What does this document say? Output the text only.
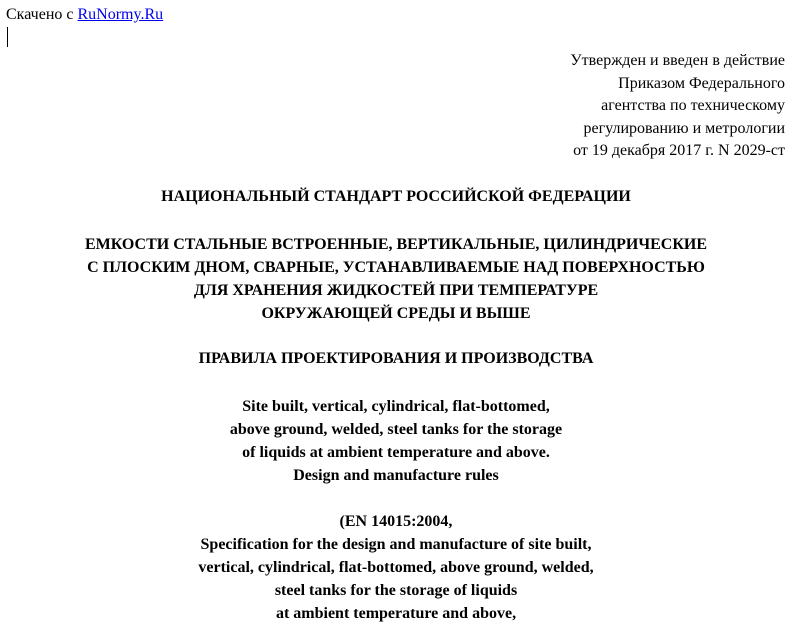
Скачено с RuNormy.Ru
Утвержден и введен в действие
Приказом Федерального
агентства по техническому
регулированию и метрологии
от 19 декабря 2017 г. N 2029-ст
НАЦИОНАЛЬНЫЙ СТАНДАРТ РОССИЙСКОЙ ФЕДЕРАЦИИ
ЕМКОСТИ СТАЛЬНЫЕ ВСТРОЕННЫЕ, ВЕРТИКАЛЬНЫЕ, ЦИЛИНДРИЧЕСКИЕ
С ПЛОСКИМ ДНОМ, СВАРНЫЕ, УСТАНАВЛИВАЕМЫЕ НАД ПОВЕРХНОСТЬЮ
ДЛЯ ХРАНЕНИЯ ЖИДКОСТЕЙ ПРИ ТЕМПЕРАТУРЕ
ОКРУЖАЮЩЕЙ СРЕДЫ И ВЫШЕ
ПРАВИЛА ПРОЕКТИРОВАНИЯ И ПРОИЗВОДСТВА
Site built, vertical, cylindrical, flat-bottomed,
above ground, welded, steel tanks for the storage
of liquids at ambient temperature and above.
Design and manufacture rules
(EN 14015:2004,
Specification for the design and manufacture of site built,
vertical, cylindrical, flat-bottomed, above ground, welded,
steel tanks for the storage of liquids
at ambient temperature and above,
